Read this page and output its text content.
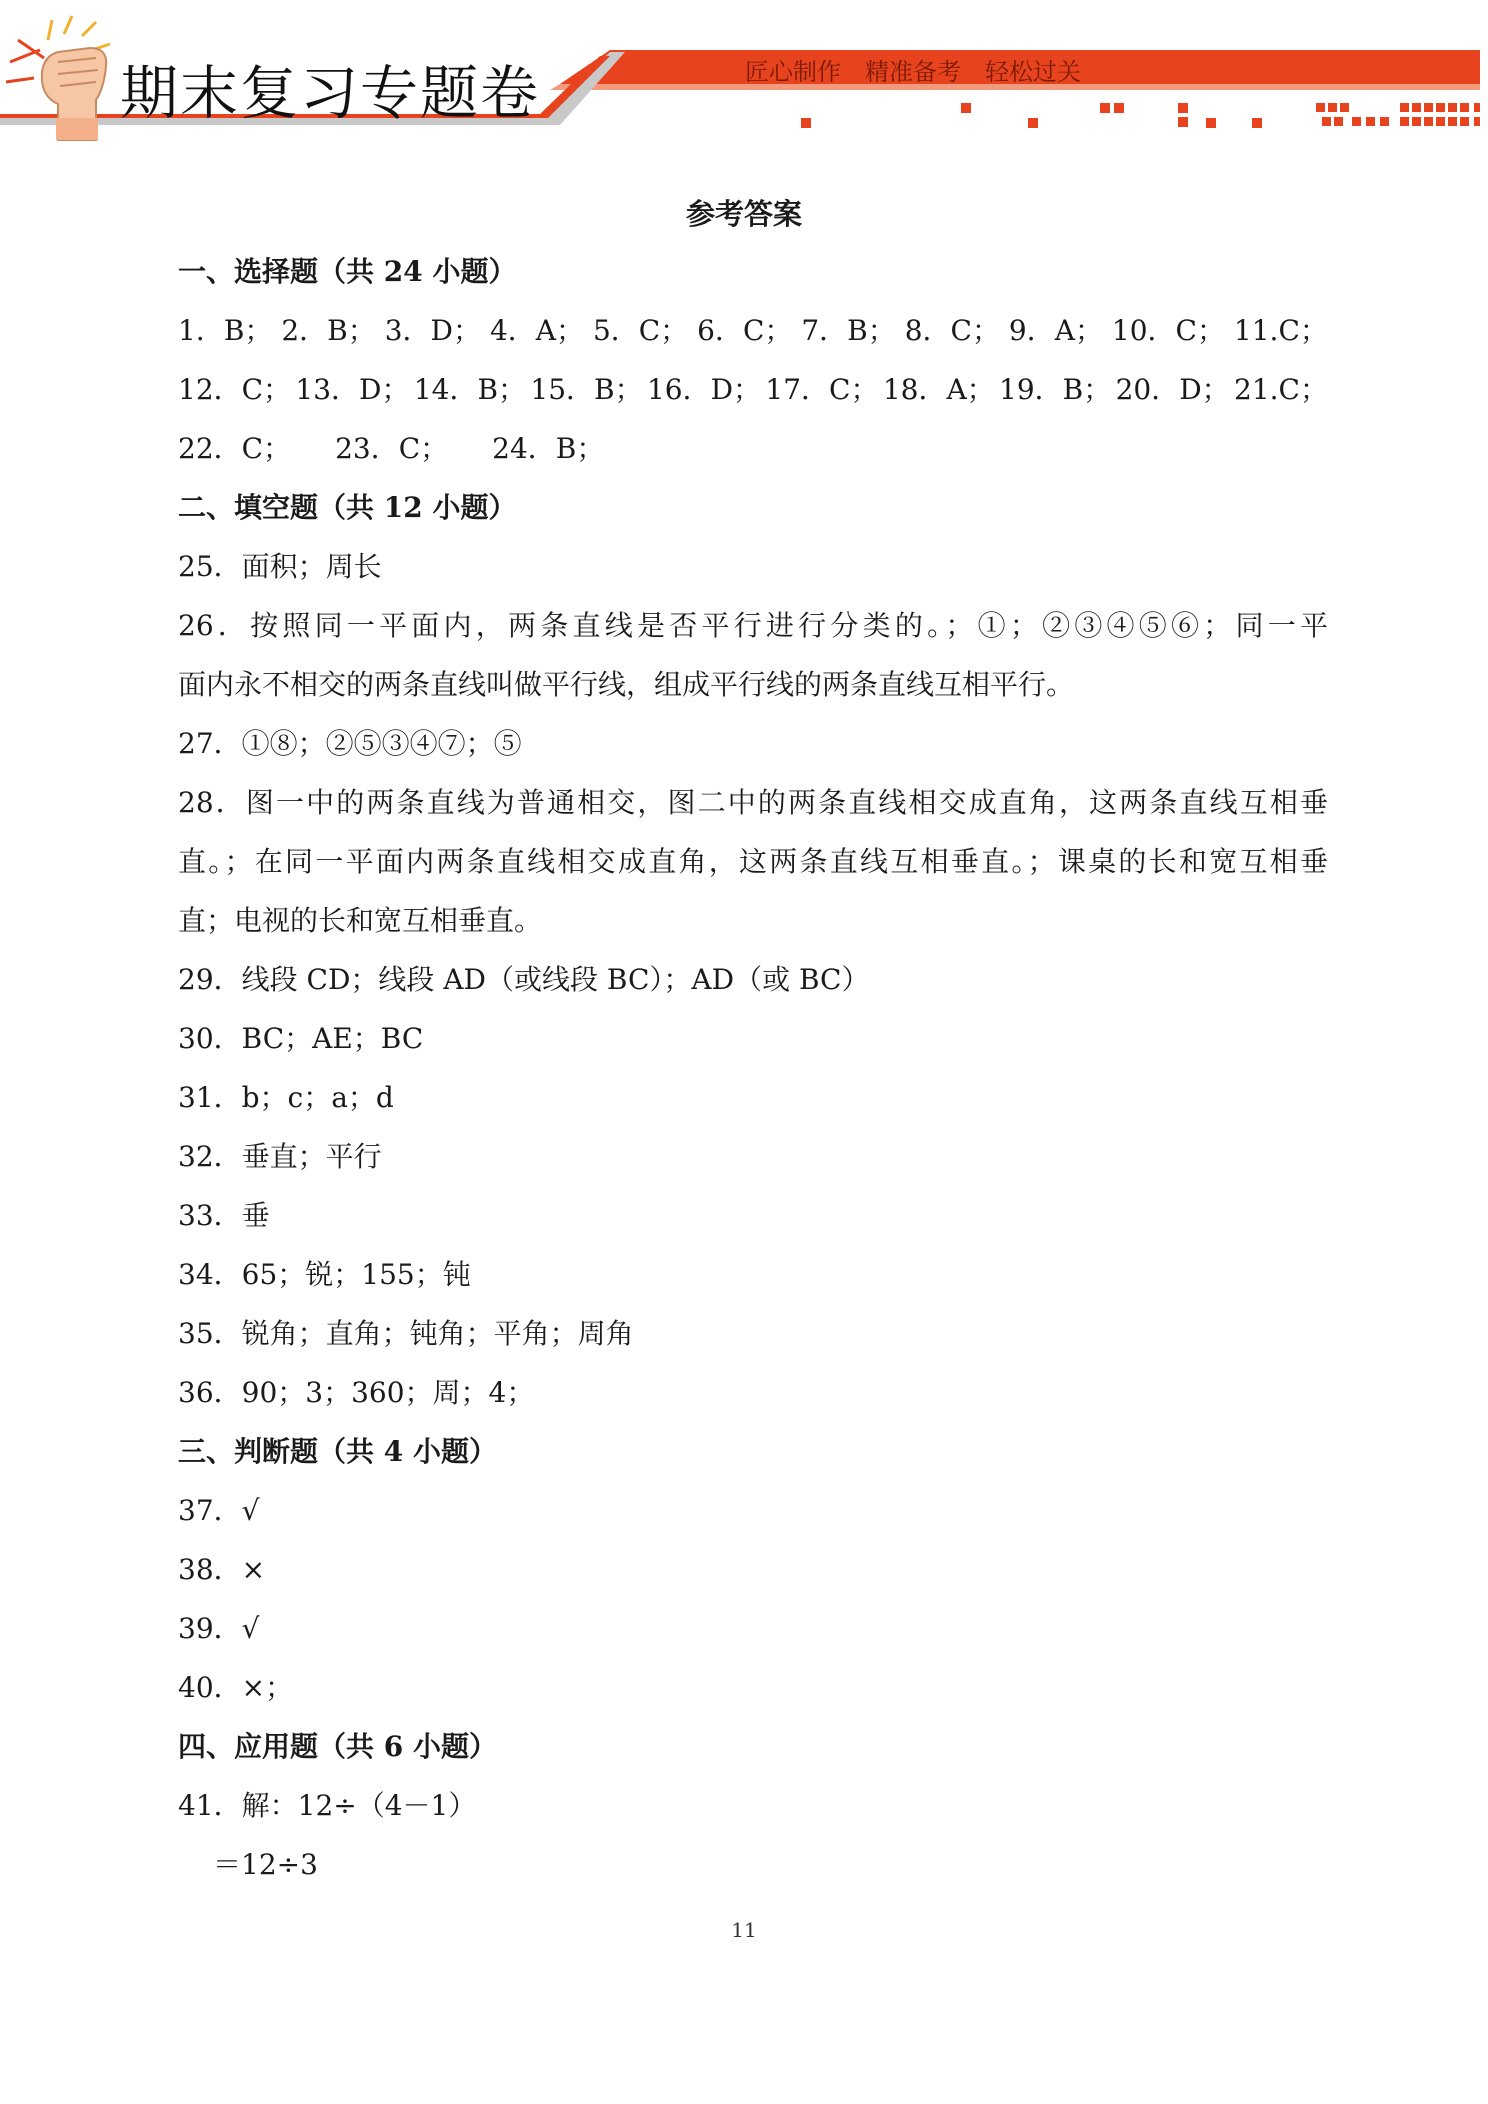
期末复习专题卷	匠心制作　精准备考　轻松过关
参考答案
一、选择题（共 24 小题）
1．B； 2．B； 3．D； 4．A； 5．C； 6．C； 7．B； 8．C； 9．A； 10．C； 11.C；
12．C； 13．D； 14．B； 15．B； 16．D； 17．C； 18．A； 19．B； 20．D； 21.C；
22．C； 23．C； 24．B；
二、填空题（共 12 小题）
25．面积；周长
26．按照同一平面内，两条直线是否平行进行分类的。；①；②③④⑤⑥；同一平
面内永不相交的两条直线叫做平行线，组成平行线的两条直线互相平行。
27．①⑧；②⑤③④⑦；⑤
28．图一中的两条直线为普通相交，图二中的两条直线相交成直角，这两条直线互相垂
直。；在同一平面内两条直线相交成直角，这两条直线互相垂直。；课桌的长和宽互相垂
直；电视的长和宽互相垂直。
29．线段 CD；线段 AD（或线段 BC）；AD（或 BC）
30．BC；AE；BC
31．b；c；a；d
32．垂直；平行
33．垂
34．65；锐；155；钝
35．锐角；直角；钝角；平角；周角
36．90；3；360；周；4；
三、判断题（共 4 小题）
37．√
38．×
39．√
40．×；
四、应用题（共 6 小题）
41．解：12÷（4－1）
＝12÷3
11
